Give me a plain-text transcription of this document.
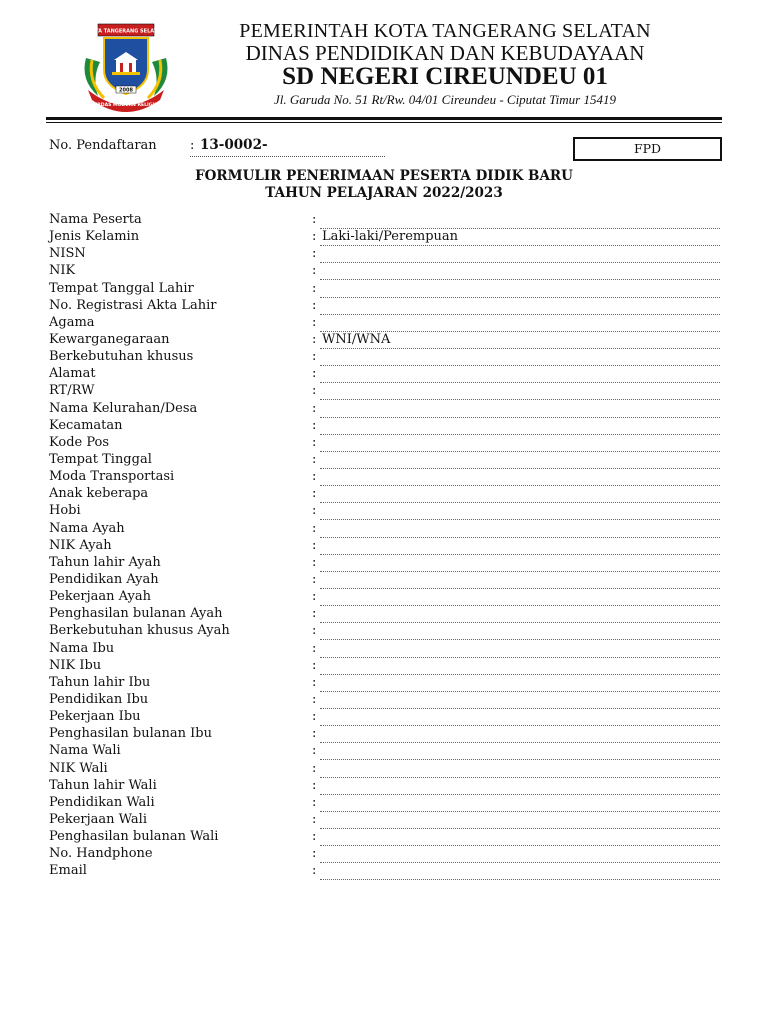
KOTA TANGERANG SELATAN
2008
CERDAS MODERN RELIGIUS
PEMERINTAH KOTA TANGERANG SELATAN
DINAS PENDIDIKAN DAN KEBUDAYAAN
SD NEGERI CIREUNDEU 01
Jl. Garuda No. 51 Rt/Rw. 04/01 Cireundeu - Ciputat Timur 15419
No. Pendaftaran	: 13-0002-	FPD
FORMULIR PENERIMAAN PESERTA DIDIK BARU
TAHUN PELAJARAN 2022/2023
Nama Peserta	:
Jenis Kelamin	: Laki-laki/Perempuan
NISN	:
NIK	:
Tempat Tanggal Lahir	:
No. Registrasi Akta Lahir	:
Agama	:
Kewarganegaraan	: WNI/WNA
Berkebutuhan khusus	:
Alamat	:
RT/RW	:
Nama Kelurahan/Desa	:
Kecamatan	:
Kode Pos	:
Tempat Tinggal	:
Moda Transportasi	:
Anak keberapa	:
Hobi	:
Nama Ayah	:
NIK Ayah	:
Tahun lahir Ayah	:
Pendidikan Ayah	:
Pekerjaan Ayah	:
Penghasilan bulanan Ayah	:
Berkebutuhan khusus Ayah	:
Nama Ibu	:
NIK Ibu	:
Tahun lahir Ibu	:
Pendidikan Ibu	:
Pekerjaan Ibu	:
Penghasilan bulanan Ibu	:
Nama Wali	:
NIK Wali	:
Tahun lahir Wali	:
Pendidikan Wali	:
Pekerjaan Wali	:
Penghasilan bulanan Wali	:
No. Handphone	:
Email	:
